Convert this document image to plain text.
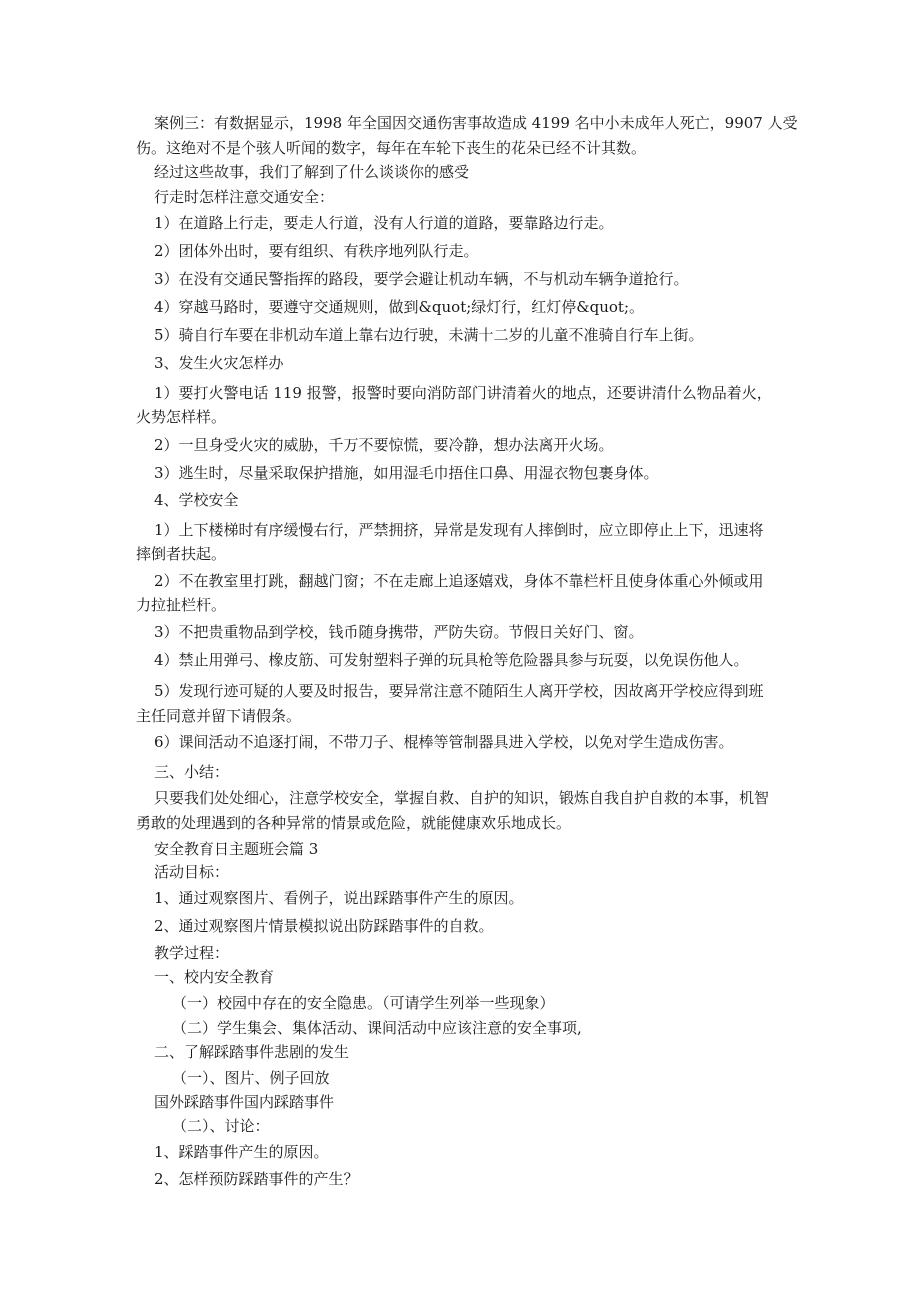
案例三：有数据显示，1998 年全国因交通伤害事故造成 4199 名中小未成年人死亡，9907 人受

伤。这绝对不是个骇人听闻的数字，每年在车轮下丧生的花朵已经不计其数。

经过这些故事，我们了解到了什么谈谈你的感受

行走时怎样注意交通安全：

1）在道路上行走，要走人行道，没有人行道的道路，要靠路边行走。

2）团体外出时，要有组织、有秩序地列队行走。

3）在没有交通民警指挥的路段，要学会避让机动车辆，不与机动车辆争道抢行。

4）穿越马路时，要遵守交通规则，做到&quot;绿灯行，红灯停&quot;。

5）骑自行车要在非机动车道上靠右边行驶，未满十二岁的儿童不准骑自行车上街。

3、发生火灾怎样办

1）要打火警电话 119 报警，报警时要向消防部门讲清着火的地点，还要讲清什么物品着火，

火势怎样样。

2）一旦身受火灾的威胁，千万不要惊慌，要冷静，想办法离开火场。

3）逃生时，尽量采取保护措施，如用湿毛巾捂住口鼻、用湿衣物包裹身体。

4、学校安全

1）上下楼梯时有序缓慢右行，严禁拥挤，异常是发现有人摔倒时，应立即停止上下，迅速将

摔倒者扶起。

2）不在教室里打跳，翻越门窗；不在走廊上追逐嬉戏，身体不靠栏杆且使身体重心外倾或用

力拉扯栏杆。

3）不把贵重物品到学校，钱币随身携带，严防失窃。节假日关好门、窗。

4）禁止用弹弓、橡皮筋、可发射塑料子弹的玩具枪等危险器具参与玩耍，以免误伤他人。

5）发现行迹可疑的人要及时报告，要异常注意不随陌生人离开学校，因故离开学校应得到班

主任同意并留下请假条。

6）课间活动不追逐打闹，不带刀子、棍棒等管制器具进入学校，以免对学生造成伤害。

三、小结：

只要我们处处细心，注意学校安全，掌握自救、自护的知识，锻炼自我自护自救的本事，机智

勇敢的处理遇到的各种异常的情景或危险，就能健康欢乐地成长。

安全教育日主题班会篇 3

活动目标：

1、通过观察图片、看例子，说出踩踏事件产生的原因。

2、通过观察图片情景模拟说出防踩踏事件的自救。

教学过程：

一、校内安全教育

（一）校园中存在的安全隐患。（可请学生列举一些现象）

（二）学生集会、集体活动、课间活动中应该注意的安全事项,

二、了解踩踏事件悲剧的发生

（一）、图片、例子回放

国外踩踏事件国内踩踏事件

（二）、讨论：

1、踩踏事件产生的原因。

2、怎样预防踩踏事件的产生？
